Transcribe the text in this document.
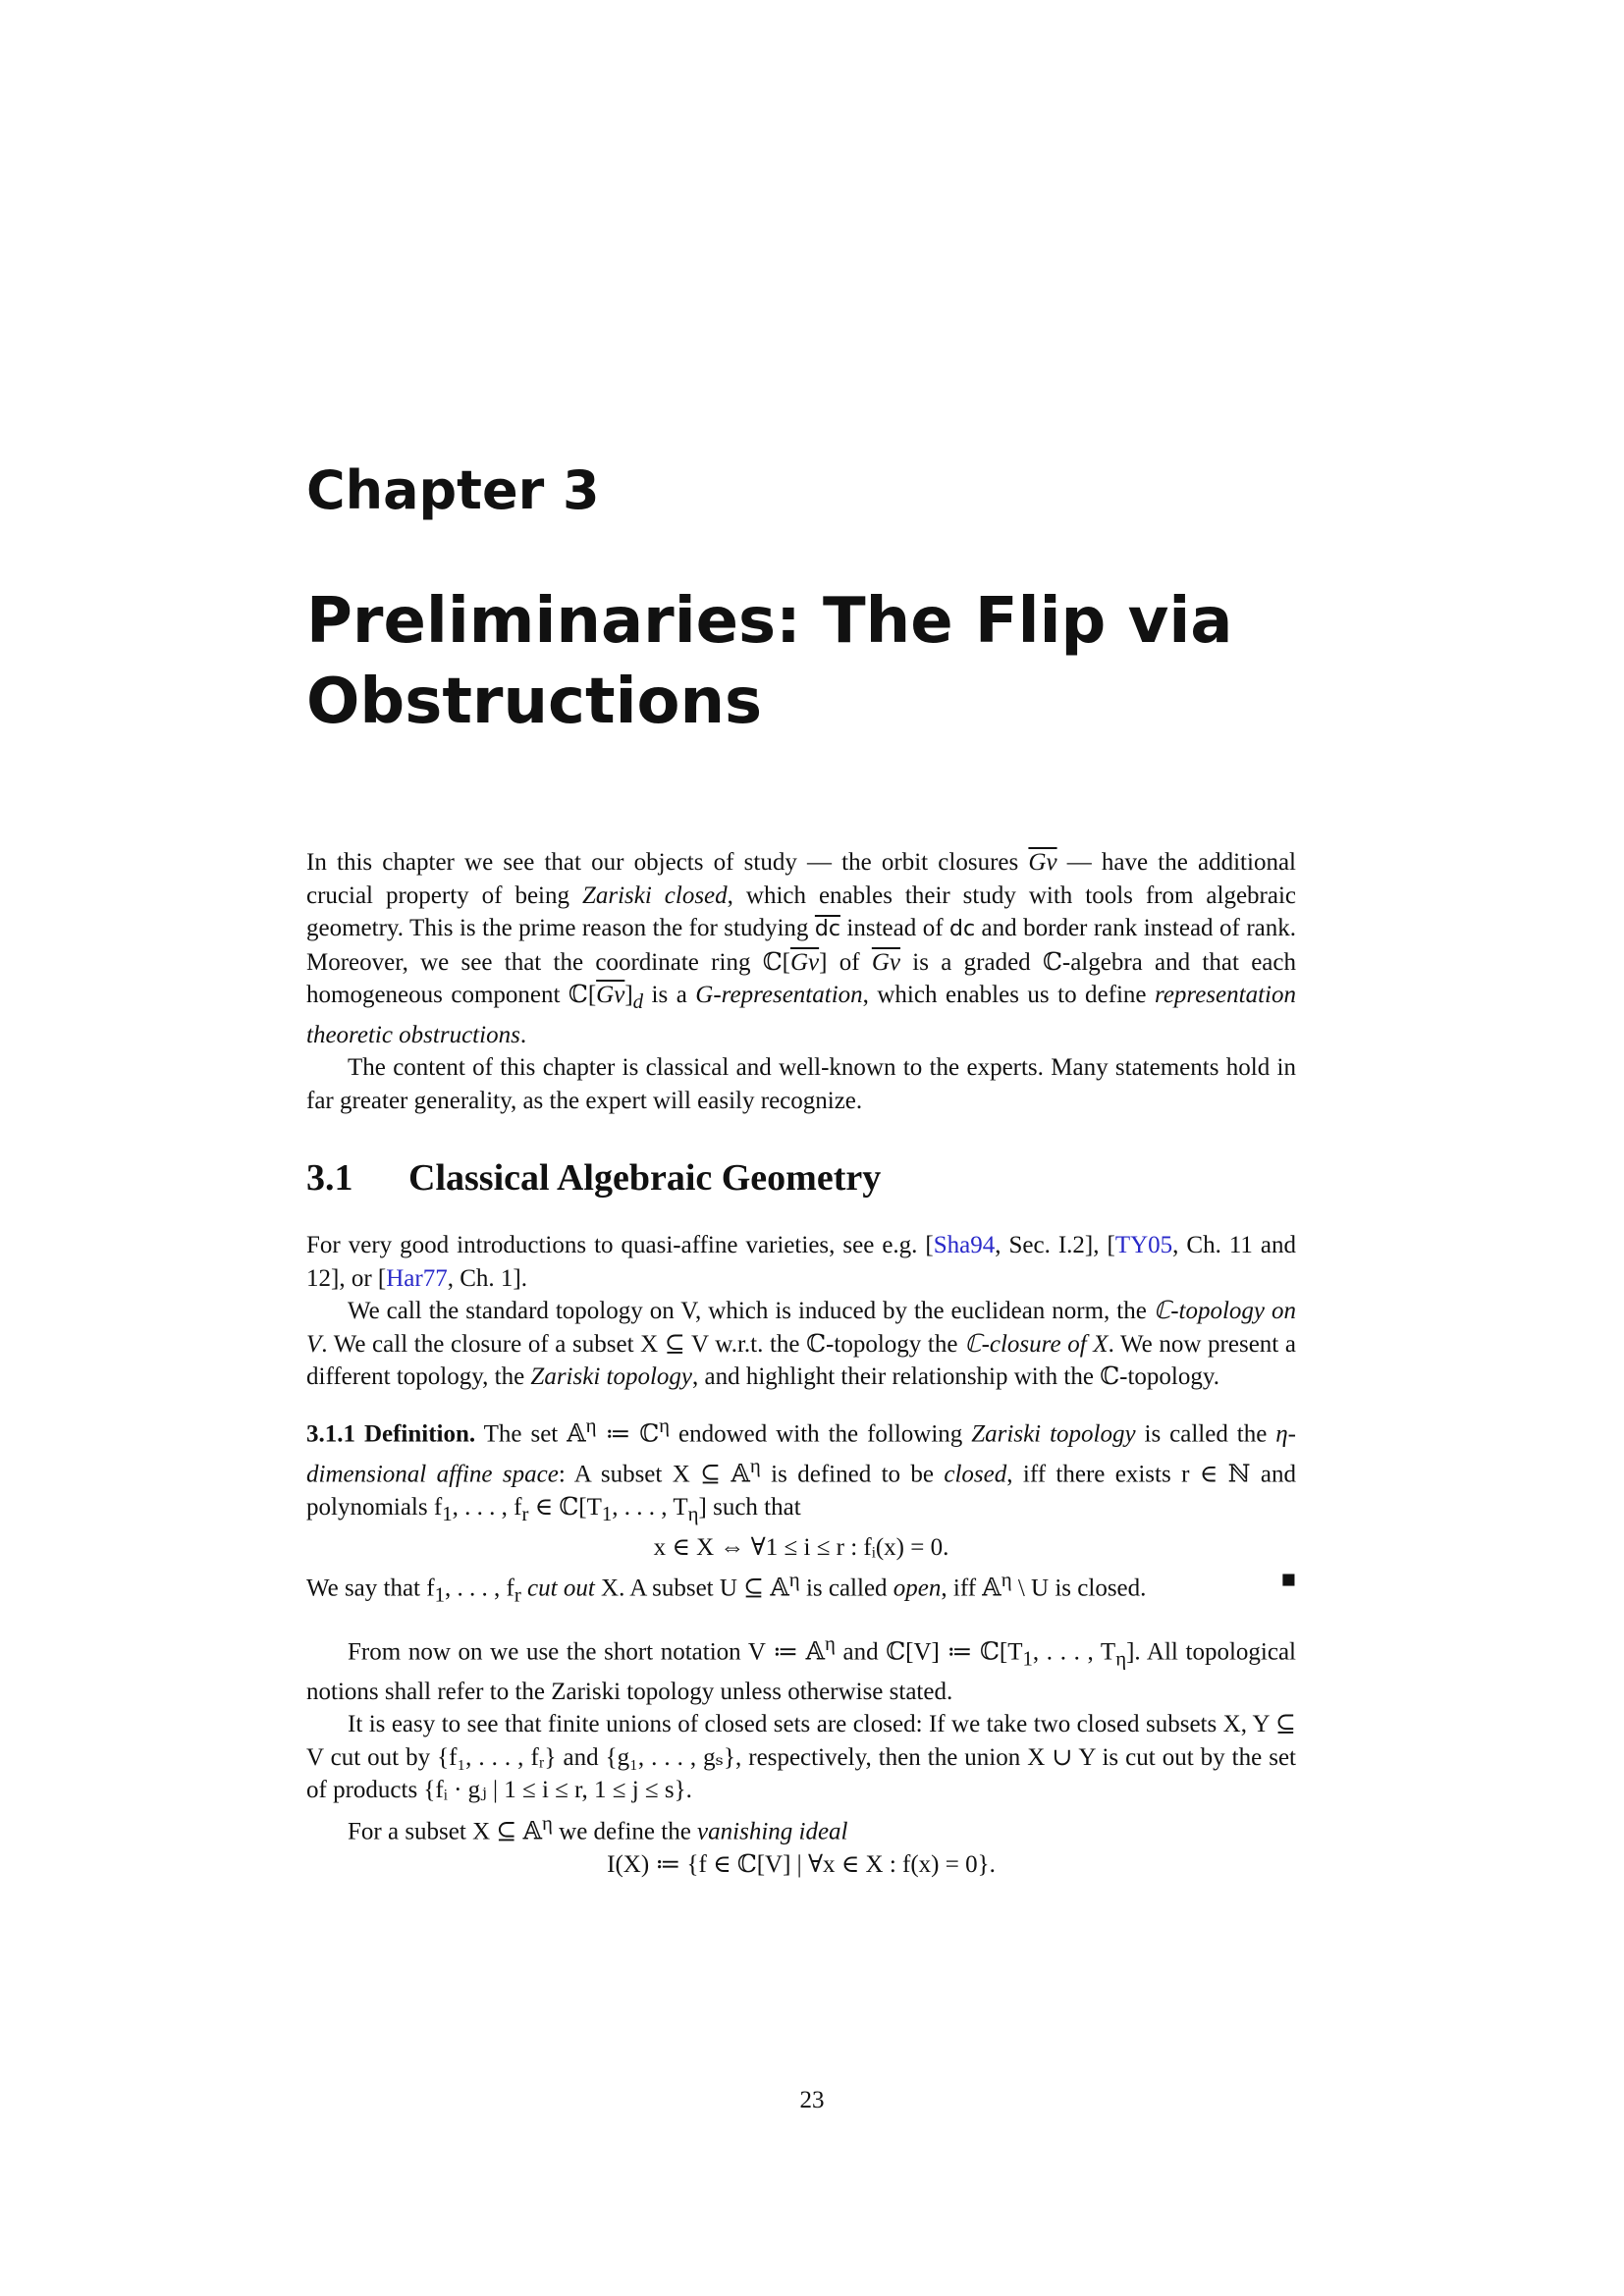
Chapter 3
Preliminaries: The Flip via Obstructions

In this chapter we see that our objects of study — the orbit closures $\overline{Gv}$ — have the additional crucial property of being Zariski closed, which enables their study with tools from algebraic geometry. This is the prime reason the for studying $\overline{dc}$ instead of dc and border rank instead of rank. Moreover, we see that the coordinate ring $ℂ[\overline{Gv}]$ of $\overline{Gv}$ is a graded ℂ-algebra and that each homogeneous component $ℂ[\overline{Gv}]_d$ is a G-representation, which enables us to define representation theoretic obstructions.

The content of this chapter is classical and well-known to the experts. Many statements hold in far greater generality, as the expert will easily recognize.

3.1 Classical Algebraic Geometry

For very good introductions to quasi-affine varieties, see e.g. [Sha94, Sec. I.2], [TY05, Ch. 11 and 12], or [Har77, Ch. 1].

We call the standard topology on V, which is induced by the euclidean norm, the ℂ-topology on V. We call the closure of a subset X ⊆ V w.r.t. the ℂ-topology the ℂ-closure of X. We now present a different topology, the Zariski topology, and highlight their relationship with the ℂ-topology.

3.1.1 Definition. The set 𝔸$^\eta$ ≔ ℂ$^\eta$ endowed with the following Zariski topology is called the η-dimensional affine space: A subset X ⊆ 𝔸$^\eta$ is defined to be closed, iff there exists r ∈ ℕ and polynomials $f_1$, . . . , $f_r$ ∈ $ℂ[T_1$, . . . , $T_\eta$] such that

x ∈ X ⇔ ∀1 ≤ i ≤ r : fᵢ(x) = 0.

We say that $f_1$, . . . , $f_r$ cut out X. A subset U ⊆ 𝔸$^\eta$ is called open, iff 𝔸$^\eta$ \ U is closed.	■

From now on we use the short notation V ≔ 𝔸$^\eta$ and ℂ[V] ≔ $ℂ[T_1$, . . . , $T_\eta$]. All topological notions shall refer to the Zariski topology unless otherwise stated.

It is easy to see that finite unions of closed sets are closed: If we take two closed subsets X, Y ⊆ V cut out by {f₁, . . . , fᵣ} and {g₁, . . . , gₛ}, respectively, then the union X ∪ Y is cut out by the set of products {fᵢ · gⱼ | 1 ≤ i ≤ r, 1 ≤ j ≤ s}.

For a subset X ⊆ 𝔸$^\eta$ we define the vanishing ideal

I(X) ≔ {f ∈ ℂ[V] | ∀x ∈ X : f(x) = 0}.

23
